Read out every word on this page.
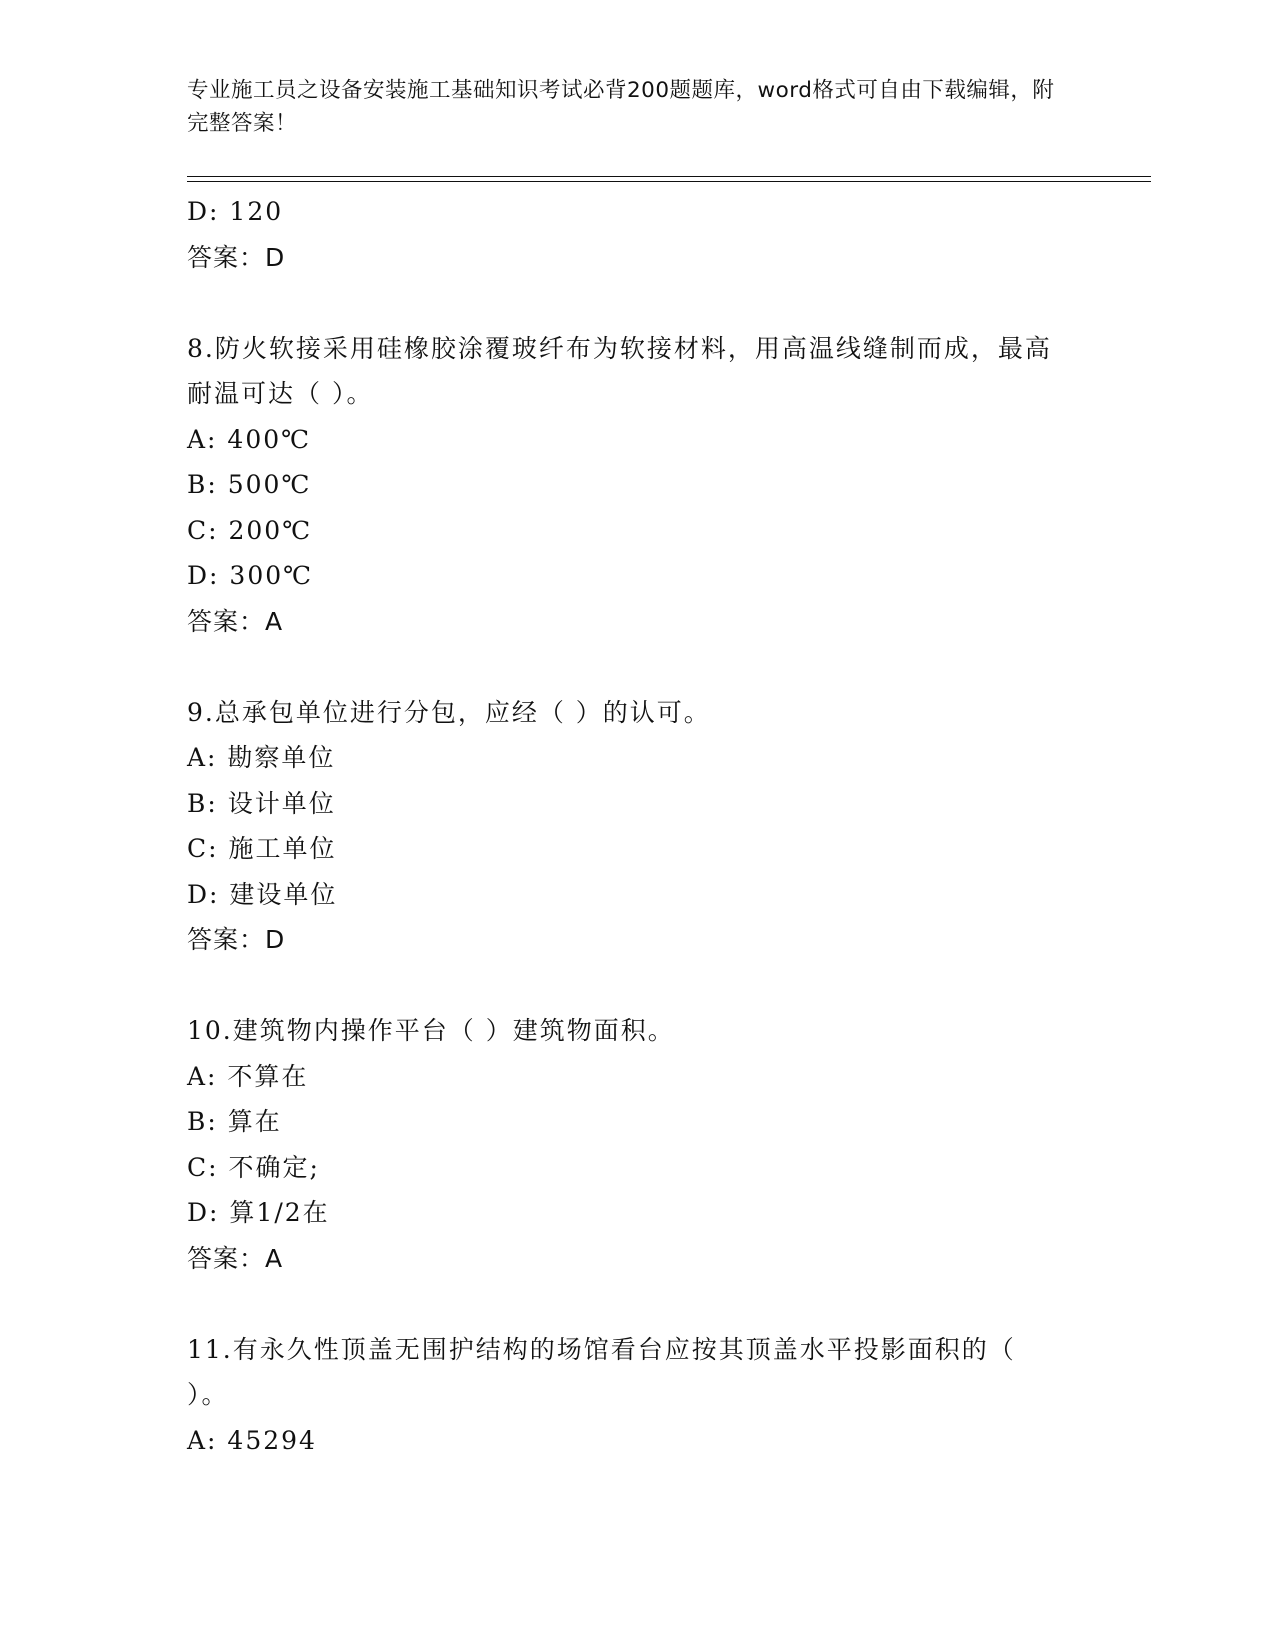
专业施工员之设备安装施工基础知识考试必背200题题库，word格式可自由下载编辑，附完整答案！
D: 120
答案：D
8.防火软接采用硅橡胶涂覆玻纤布为软接材料，用高温线缝制而成，最高耐温可达（ ）。
A: 400℃
B: 500℃
C: 200℃
D: 300℃
答案：A
9.总承包单位进行分包，应经（ ）的认可。
A: 勘察单位
B: 设计单位
C: 施工单位
D: 建设单位
答案：D
10.建筑物内操作平台（ ）建筑物面积。
A: 不算在
B: 算在
C: 不确定;
D: 算1/2在
答案：A
11.有永久性顶盖无围护结构的场馆看台应按其顶盖水平投影面积的（ ）。
A: 45294
